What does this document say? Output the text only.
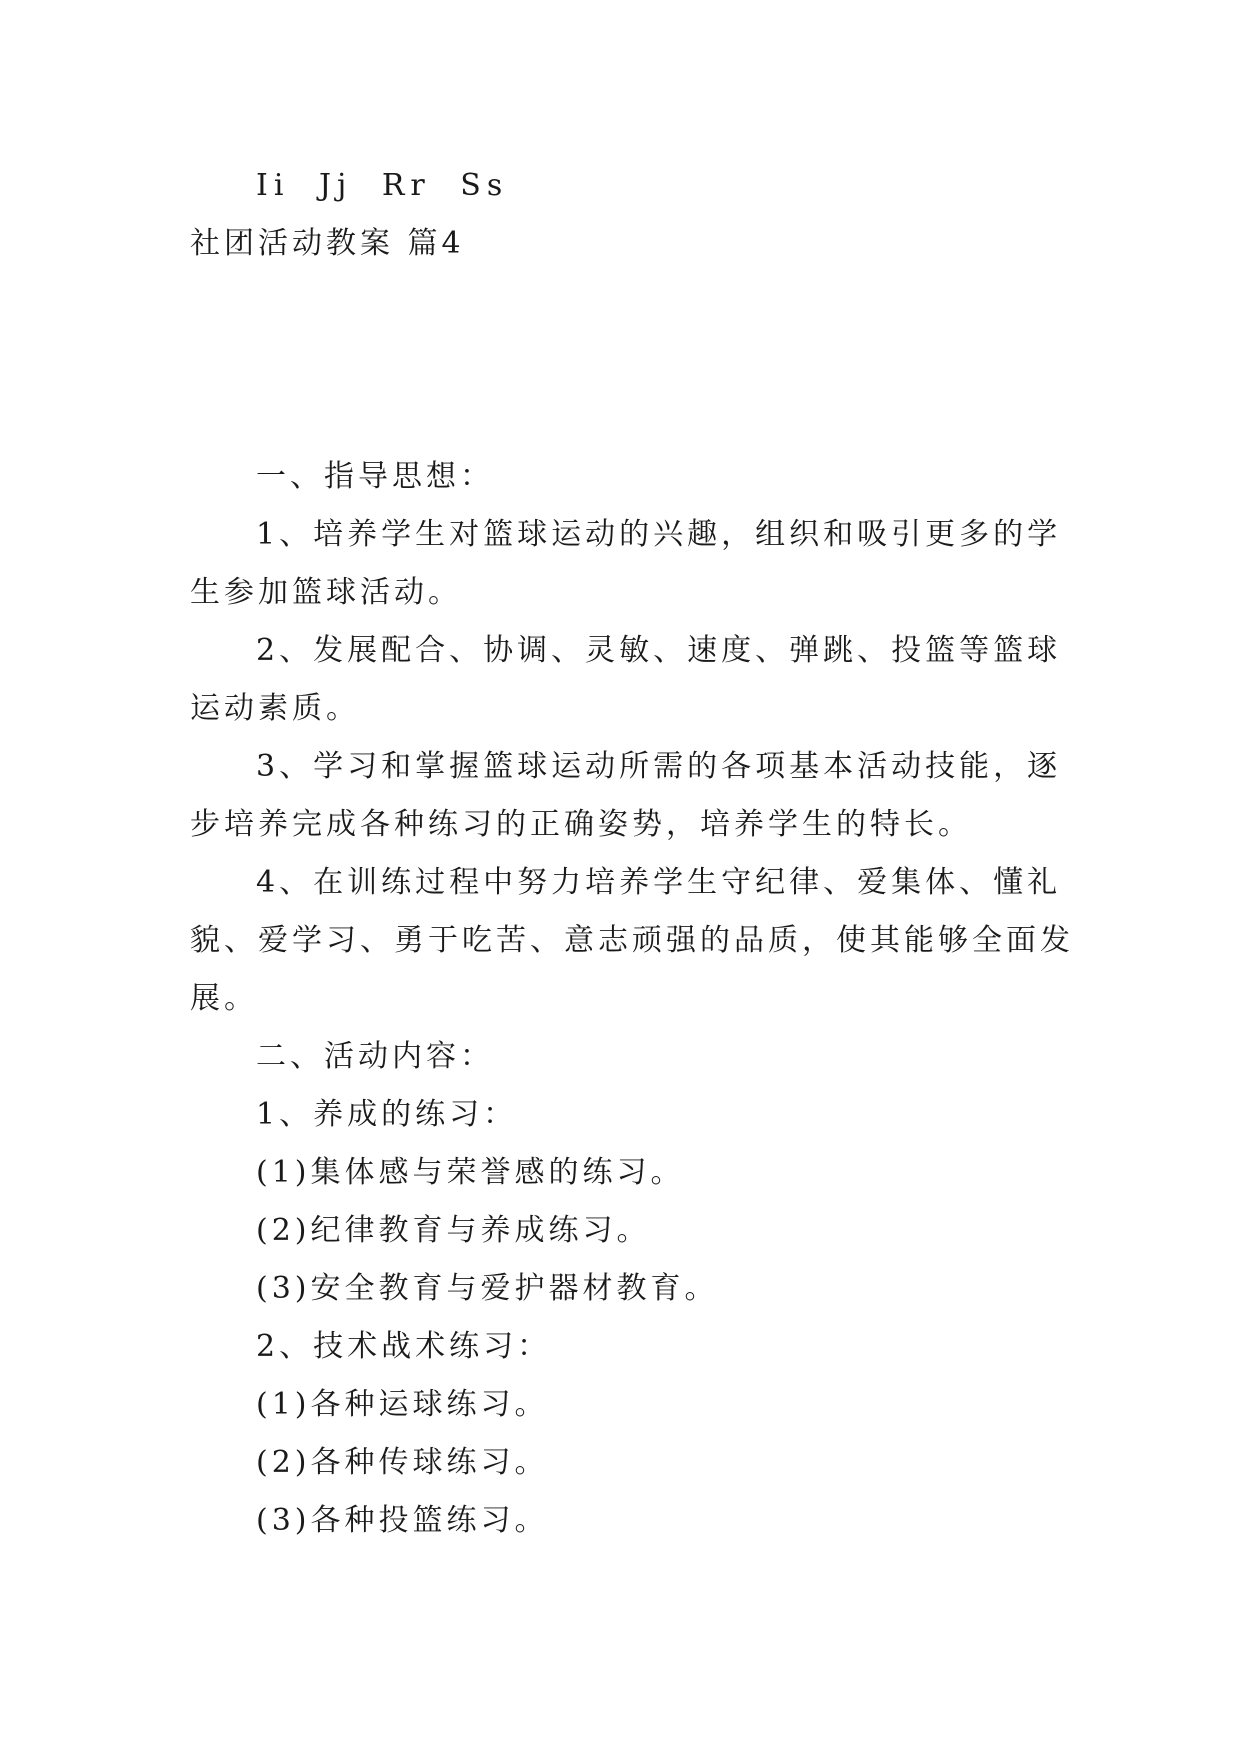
Ii Jj Rr Ss
社团活动教案 篇4
一、指导思想：
1、培养学生对篮球运动的兴趣，组织和吸引更多的学
生参加篮球活动。
2、发展配合、协调、灵敏、速度、弹跳、投篮等篮球
运动素质。
3、学习和掌握篮球运动所需的各项基本活动技能，逐
步培养完成各种练习的正确姿势，培养学生的特长。
4、在训练过程中努力培养学生守纪律、爱集体、懂礼
貌、爱学习、勇于吃苦、意志顽强的品质，使其能够全面发
展。
二、活动内容：
1、养成的练习：
(1)集体感与荣誉感的练习。
(2)纪律教育与养成练习。
(3)安全教育与爱护器材教育。
2、技术战术练习：
(1)各种运球练习。
(2)各种传球练习。
(3)各种投篮练习。
